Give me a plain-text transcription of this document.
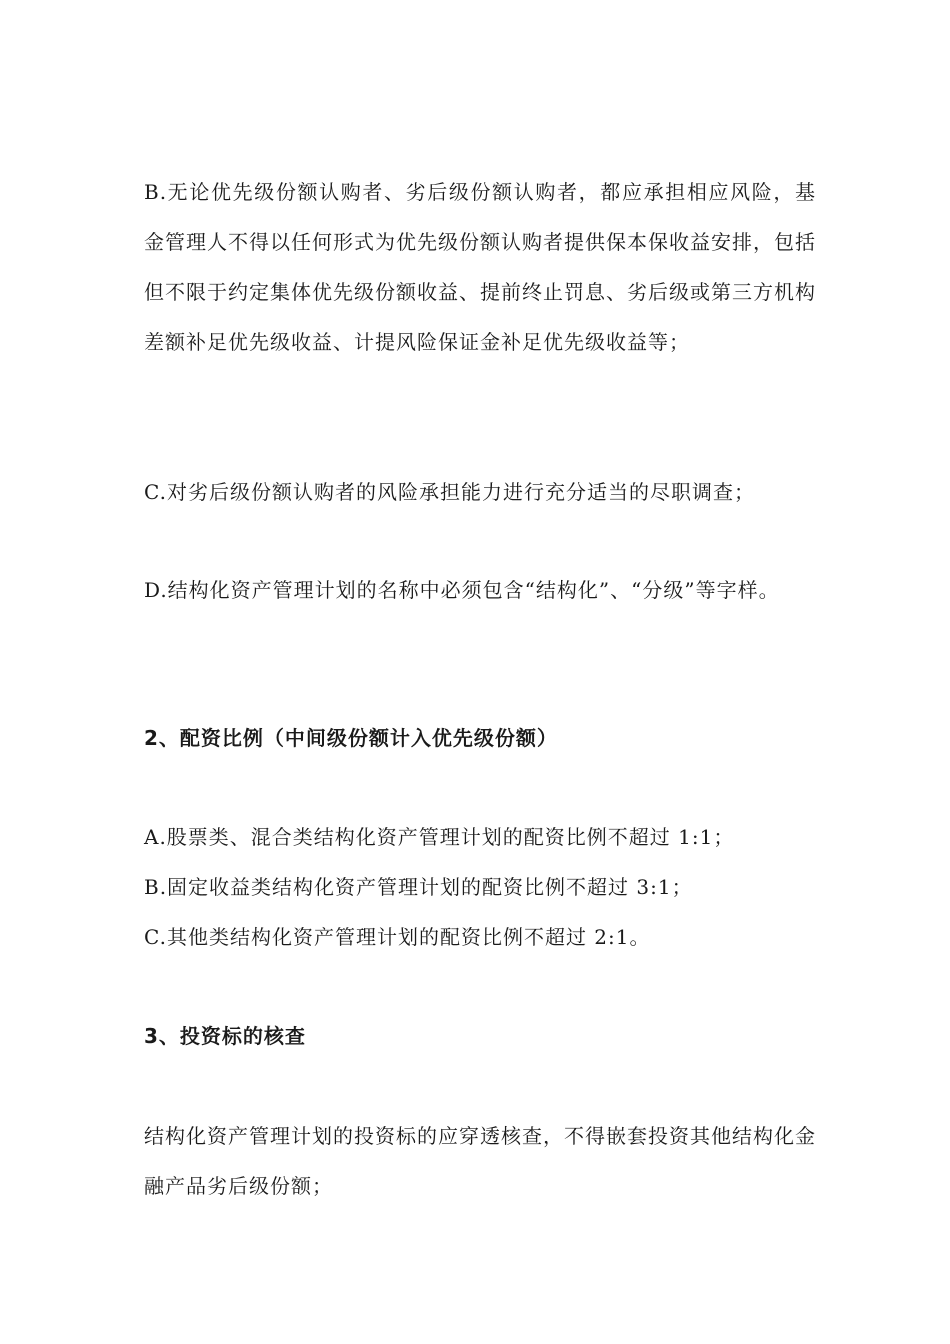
B.无论优先级份额认购者、劣后级份额认购者，都应承担相应风险，基金管理人不得以任何形式为优先级份额认购者提供保本保收益安排，包括但不限于约定集体优先级份额收益、提前终止罚息、劣后级或第三方机构差额补足优先级收益、计提风险保证金补足优先级收益等；

C.对劣后级份额认购者的风险承担能力进行充分适当的尽职调查；

D.结构化资产管理计划的名称中必须包含“结构化”、“分级”等字样。

2、配资比例（中间级份额计入优先级份额）

A.股票类、混合类结构化资产管理计划的配资比例不超过 1:1；

B.固定收益类结构化资产管理计划的配资比例不超过 3:1；

C.其他类结构化资产管理计划的配资比例不超过 2:1。

3、投资标的核查

结构化资产管理计划的投资标的应穿透核查，不得嵌套投资其他结构化金融产品劣后级份额；
